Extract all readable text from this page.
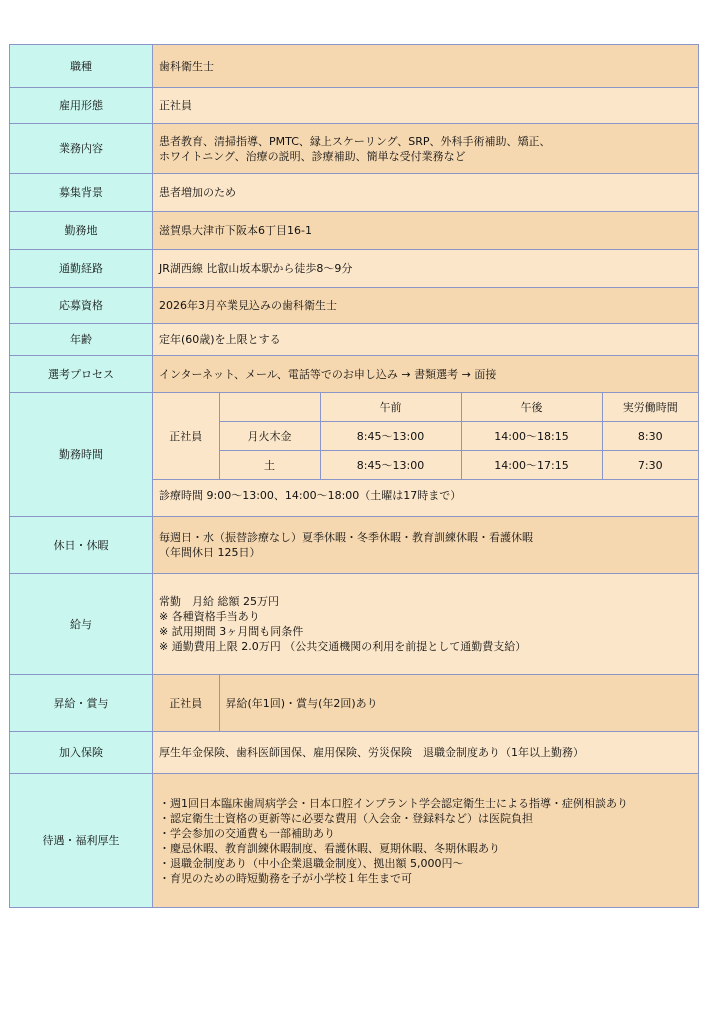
職種	歯科衛生士
雇用形態	正社員
業務内容	
患者教育、清掃指導、PMTC、縁上スケーリング、SRP、外科手術補助、矯正、
ホワイトニング、治療の説明、診療補助、簡単な受付業務など

募集背景	患者増加のため
勤務地	滋賀県大津市下阪本6丁目16-1
通勤経路	JR湖西線 比叡山坂本駅から徒歩8～9分
応募資格	2026年3月卒業見込みの歯科衛生士
年齢	定年(60歳)を上限とする
選考プロセス	インターネット、メール、電話等でのお申し込み → 書類選考 → 面接
勤務時間	
正社員		午前	午後	実労働時間
月火木金	8:45～13:00	14:00～18:15	8:30
土	8:45～13:00	14:00～17:15	7:30
診療時間 9:00～13:00、14:00～18:00（土曜は17時まで）

休日・休暇	
毎週日・水（振替診療なし）夏季休暇・冬季休暇・教育訓練休暇・看護休暇
（年間休日 125日）

給与	
常勤　月給 総額 25万円
※ 各種資格手当あり
※ 試用期間 3ヶ月間も同条件
※ 通勤費用上限 2.0万円 （公共交通機関の利用を前提として通勤費支給）

昇給・賞与		正社員	昇給(年1回)・賞与(年2回)あり

加入保険	厚生年金保険、歯科医師国保、雇用保険、労災保険　退職金制度あり（1年以上勤務）
待遇・福利厚生	
・週1回日本臨床歯周病学会・日本口腔インプラント学会認定衛生士による指導・症例相談あり
・認定衛生士資格の更新等に必要な費用（入会金・登録料など）は医院負担
・学会参加の交通費も一部補助あり
・慶忌休暇、教育訓練休暇制度、看護休暇、夏期休暇、冬期休暇あり
・退職金制度あり（中小企業退職金制度）、拠出額 5,000円～
・育児のための時短勤務を子が小学校１年生まで可
